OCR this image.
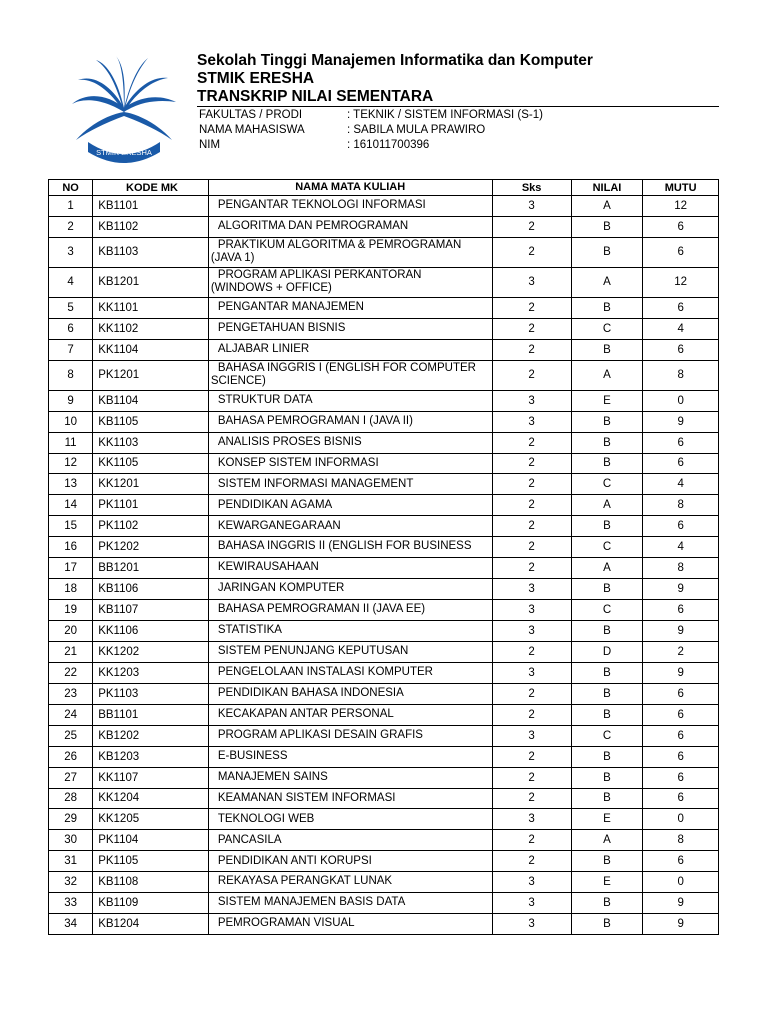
STMIK ERESHA
Sekolah Tinggi Manajemen Informatika dan Komputer
STMIK ERESHA
TRANSKRIP NILAI SEMENTARA
FAKULTAS / PRODI	: TEKNIK / SISTEM INFORMASI (S-1)
NAMA MAHASISWA	: SABILA MULA PRAWIRO
NIM	: 161011700396
NO	KODE MK	NAMA MATA KULIAH	Sks	NILAI	MUTU
1	KB1101	PENGANTAR TEKNOLOGI INFORMASI	3	A	12
2	KB1102	ALGORITMA DAN PEMROGRAMAN	2	B	6
3	KB1103	PRAKTIKUM ALGORITMA & PEMROGRAMAN
(JAVA 1)	2	B	6
4	KB1201	PROGRAM APLIKASI PERKANTORAN
(WINDOWS + OFFICE)	3	A	12
5	KK1101	PENGANTAR MANAJEMEN	2	B	6
6	KK1102	PENGETAHUAN BISNIS	2	C	4
7	KK1104	ALJABAR LINIER	2	B	6
8	PK1201	BAHASA INGGRIS I (ENGLISH FOR COMPUTER
SCIENCE)	2	A	8
9	KB1104	STRUKTUR DATA	3	E	0
10	KB1105	BAHASA PEMROGRAMAN I (JAVA II)	3	B	9
11	KK1103	ANALISIS PROSES BISNIS	2	B	6
12	KK1105	KONSEP SISTEM INFORMASI	2	B	6
13	KK1201	SISTEM INFORMASI MANAGEMENT	2	C	4
14	PK1101	PENDIDIKAN AGAMA	2	A	8
15	PK1102	KEWARGANEGARAAN	2	B	6
16	PK1202	BAHASA INGGRIS II (ENGLISH FOR BUSINESS	2	C	4
17	BB1201	KEWIRAUSAHAAN	2	A	8
18	KB1106	JARINGAN KOMPUTER	3	B	9
19	KB1107	BAHASA PEMROGRAMAN II (JAVA EE)	3	C	6
20	KK1106	STATISTIKA	3	B	9
21	KK1202	SISTEM PENUNJANG KEPUTUSAN	2	D	2
22	KK1203	PENGELOLAAN INSTALASI KOMPUTER	3	B	9
23	PK1103	PENDIDIKAN BAHASA INDONESIA	2	B	6
24	BB1101	KECAKAPAN ANTAR PERSONAL	2	B	6
25	KB1202	PROGRAM APLIKASI DESAIN GRAFIS	3	C	6
26	KB1203	E-BUSINESS	2	B	6
27	KK1107	MANAJEMEN SAINS	2	B	6
28	KK1204	KEAMANAN SISTEM INFORMASI	2	B	6
29	KK1205	TEKNOLOGI WEB	3	E	0
30	PK1104	PANCASILA	2	A	8
31	PK1105	PENDIDIKAN ANTI KORUPSI	2	B	6
32	KB1108	REKAYASA PERANGKAT LUNAK	3	E	0
33	KB1109	SISTEM MANAJEMEN BASIS DATA	3	B	9
34	KB1204	PEMROGRAMAN VISUAL	3	B	9
